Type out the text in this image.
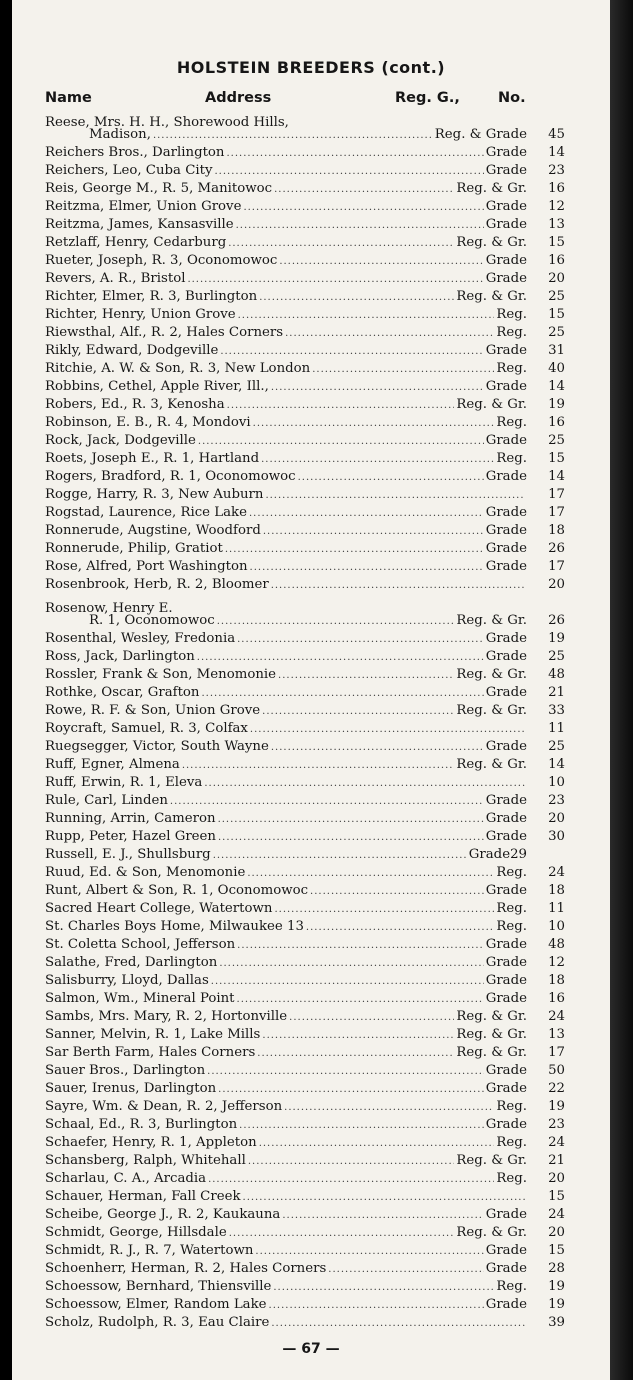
HOLSTEIN BREEDERS (cont.)
Name	Address	Reg. G.,	No.
Reese, Mrs. H. H., Shorewood Hills,
Madison, .....	Reg. & Grade	45
Reichers Bros., Darlington .....	Grade	14
Reichers, Leo, Cuba City .....	Grade	23
Reis, George M., R. 5, Manitowoc .....	Reg. & Gr.	16
Reitzma, Elmer, Union Grove .....	Grade	12
Reitzma, James, Kansasville .....	Grade	13
Retzlaff, Henry, Cedarburg .....	Reg. & Gr.	15
Rueter, Joseph, R. 3, Oconomowoc .....	Grade	16
Revers, A. R., Bristol .....	Grade	20
Richter, Elmer, R. 3, Burlington .....	Reg. & Gr.	25
Richter, Henry, Union Grove .....	Reg.	15
Riewsthal, Alf., R. 2, Hales Corners .....	Reg.	25
Rikly, Edward, Dodgeville .....	Grade	31
Ritchie, A. W. & Son, R. 3, New London .....	Reg.	40
Robbins, Cethel, Apple River, Ill., .....	Grade	14
Robers, Ed., R. 3, Kenosha .....	Reg. & Gr.	19
Robinson, E. B., R. 4, Mondovi .....	Reg.	16
Rock, Jack, Dodgeville .....	Grade	25
Roets, Joseph E., R. 1, Hartland .....	Reg.	15
Rogers, Bradford, R. 1, Oconomowoc .....	Grade	14
Rogge, Harry, R. 3, New Auburn .....	17
Rogstad, Laurence, Rice Lake .....	Grade	17
Ronnerude, Augstine, Woodford .....	Grade	18
Ronnerude, Philip, Gratiot .....	Grade	26
Rose, Alfred, Port Washington .....	Grade	17
Rosenbrook, Herb, R. 2, Bloomer .....	20
Rosenow, Henry E.
R. 1, Oconomowoc .....	Reg. & Gr.	26
Rosenthal, Wesley, Fredonia .....	Grade	19
Ross, Jack, Darlington .....	Grade	25
Rossler, Frank & Son, Menomonie .....	Reg. & Gr.	48
Rothke, Oscar, Grafton .....	Grade	21
Rowe, R. F. & Son, Union Grove .....	Reg. & Gr.	33
Roycraft, Samuel, R. 3, Colfax .....	11
Ruegsegger, Victor, South Wayne .....	Grade	25
Ruff, Egner, Almena .....	Reg. & Gr.	14
Ruff, Erwin, R. 1, Eleva .....	10
Rule, Carl, Linden .....	Grade	23
Running, Arrin, Cameron .....	Grade	20
Rupp, Peter, Hazel Green .....	Grade	30
Russell, E. J., Shullsburg .....	Grade29
Ruud, Ed. & Son, Menomonie .....	Reg.	24
Runt, Albert & Son, R. 1, Oconomowoc .....	Grade	18
Sacred Heart College, Watertown .....	Reg.	11
St. Charles Boys Home, Milwaukee 13 .....	Reg.	10
St. Coletta School, Jefferson .....	Grade	48
Salathe, Fred, Darlington .....	Grade	12
Salisburry, Lloyd, Dallas .....	Grade	18
Salmon, Wm., Mineral Point .....	Grade	16
Sambs, Mrs. Mary, R. 2, Hortonville .....	Reg. & Gr.	24
Sanner, Melvin, R. 1, Lake Mills .....	Reg. & Gr.	13
Sar Berth Farm, Hales Corners .....	Reg. & Gr.	17
Sauer Bros., Darlington .....	Grade	50
Sauer, Irenus, Darlington .....	Grade	22
Sayre, Wm. & Dean, R. 2, Jefferson .....	Reg.	19
Schaal, Ed., R. 3, Burlington .....	Grade	23
Schaefer, Henry, R. 1, Appleton .....	Reg.	24
Schansberg, Ralph, Whitehall .....	Reg. & Gr.	21
Scharlau, C. A., Arcadia .....	Reg.	20
Schauer, Herman, Fall Creek .....	15
Scheibe, George J., R. 2, Kaukauna .....	Grade	24
Schmidt, George, Hillsdale .....	Reg. & Gr.	20
Schmidt, R. J., R. 7, Watertown .....	Grade	15
Schoenherr, Herman, R. 2, Hales Corners .....	Grade	28
Schoessow, Bernhard, Thiensville .....	Reg.	19
Schoessow, Elmer, Random Lake .....	Grade	19
Scholz, Rudolph, R. 3, Eau Claire .....	39
— 67 —
